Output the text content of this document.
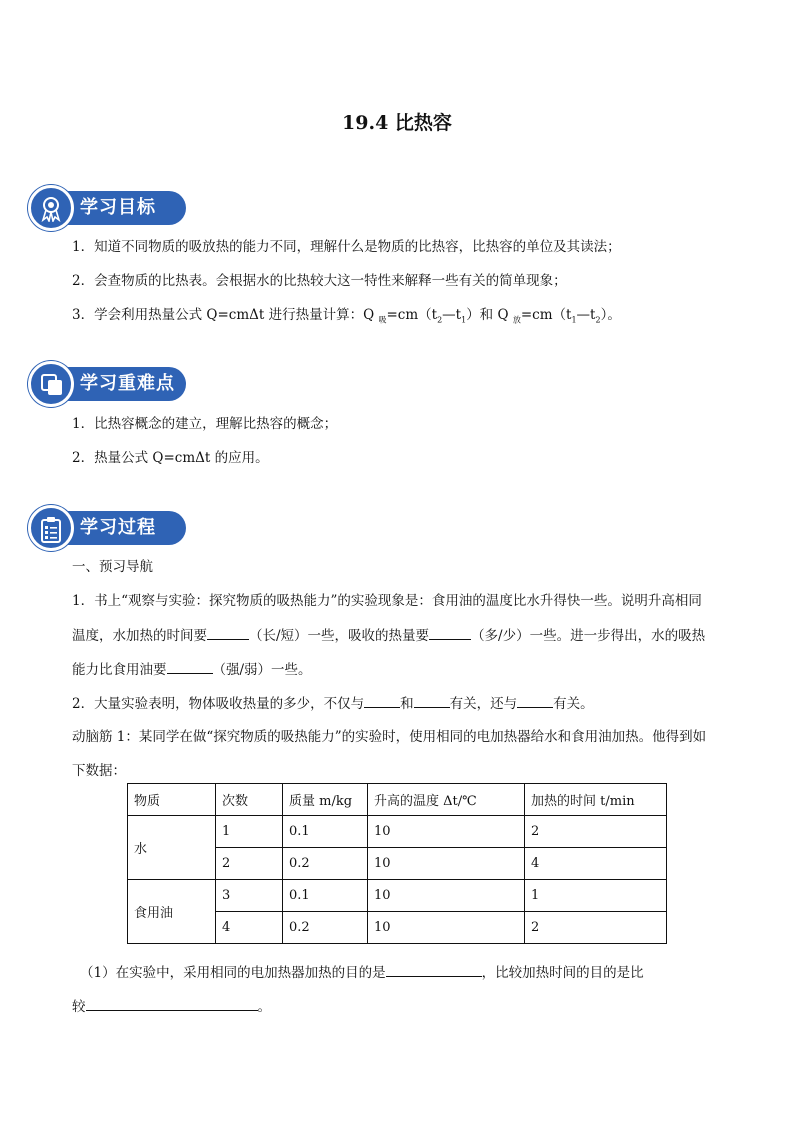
19.4 比热容
学习目标
1．知道不同物质的吸放热的能力不同，理解什么是物质的比热容，比热容的单位及其读法；
2．会查物质的比热表。会根据水的比热较大这一特性来解释一些有关的简单现象；
3．学会利用热量公式 Q=cmΔt 进行热量计算：Q $_吸=cm(t_2—t_1)$和 Q $_放=cm(t_1—t_2)$。
学习重难点
1．比热容概念的建立，理解比热容的概念；
2．热量公式 Q=cmΔt 的应用。
学习过程
一、预习导航
1．书上“观察与实验：探究物质的吸热能力”的实验现象是：食用油的温度比水升得快一些。说明升高相同
温度，水加热的时间要	（长/短）一些，吸收的热量要	（多/少）一些。进一步得出，水的吸热
能力比食用油要	（强/弱）一些。
2．大量实验表明，物体吸收热量的多少，不仅与	和	有关，还与	有关。
动脑筋 1：某同学在做“探究物质的吸热能力”的实验时，使用相同的电加热器给水和食用油加热。他得到如
下数据：
物质	次数	质量 m/kg	升高的温度 Δt/℃	加热的时间 t/min
水	1	0.1	10	2
	2	0.2	10	4
食用油	3	0.1	10	1
	4	0.2	10	2
（1）在实验中，采用相同的电加热器加热的目的是	，比较加热时间的目的是比
较	。
